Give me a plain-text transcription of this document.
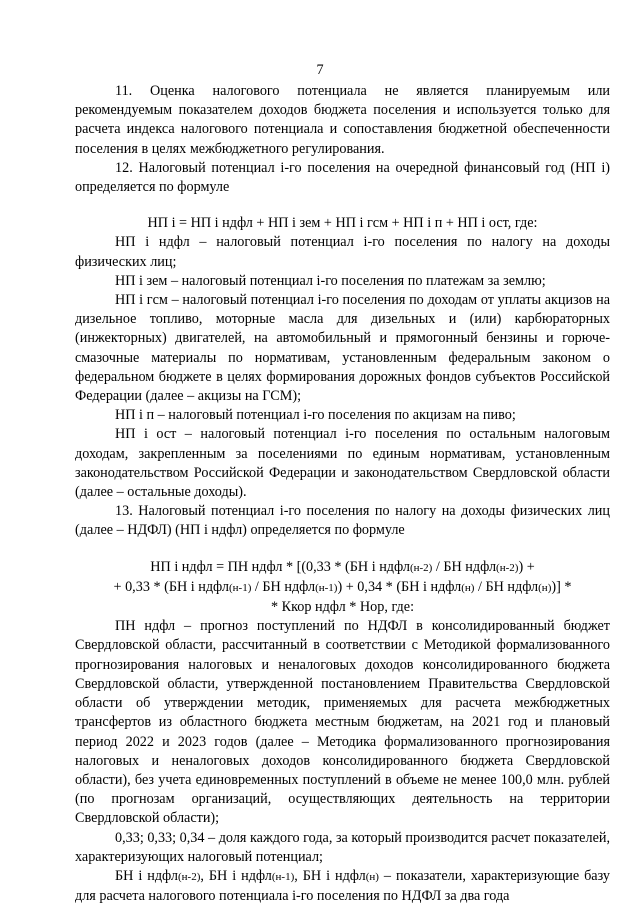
7

11. Оценка налогового потенциала не является планируемым или рекомендуемым показателем доходов бюджета поселения и используется только для расчета индекса налогового потенциала и сопоставления бюджетной обеспеченности поселения в целях межбюджетного регулирования.

12. Налоговый потенциал i-го поселения на очередной финансовый год (НП i) определяется по формуле

НП i = НП i ндфл + НП i зем + НП i гсм + НП i п + НП i ост, где:

НП i ндфл – налоговый потенциал i-го поселения по налогу на доходы физических лиц;

НП i зем – налоговый потенциал i-го поселения по платежам за землю;

НП i гсм – налоговый потенциал i-го поселения по доходам от уплаты акцизов на дизельное топливо, моторные масла для дизельных и (или) карбюраторных (инжекторных) двигателей, на автомобильный и прямогонный бензины и горюче-смазочные материалы по нормативам, установленным федеральным законом о федеральном бюджете в целях формирования дорожных фондов субъектов Российской Федерации (далее – акцизы на ГСМ);

НП i п – налоговый потенциал i-го поселения по акцизам на пиво;

НП i ост – налоговый потенциал i-го поселения по остальным налоговым доходам, закрепленным за поселениями по единым нормативам, установленным законодательством Российской Федерации и законодательством Свердловской области (далее – остальные доходы).

13. Налоговый потенциал i-го поселения по налогу на доходы физических лиц (далее – НДФЛ) (НП i ндфл) определяется по формуле

НП i ндфл = ПН ндфл * [(0,33 * (БН i ндфл(н-2) / БН ндфл(н-2)) +

+ 0,33 * (БН i ндфл(н-1) / БН ндфл(н-1)) + 0,34 * (БН i ндфл(н) / БН ндфл(н))] *

* Ккор ндфл * Нор, где:

ПН ндфл – прогноз поступлений по НДФЛ в консолидированный бюджет Свердловской области, рассчитанный в соответствии с Методикой формализованного прогнозирования налоговых и неналоговых доходов консолидированного бюджета Свердловской области, утвержденной постановлением Правительства Свердловской области об утверждении методик, применяемых для расчета межбюджетных трансфертов из областного бюджета местным бюджетам, на 2021 год и плановый период 2022 и 2023 годов (далее – Методика формализованного прогнозирования налоговых и неналоговых доходов консолидированного бюджета Свердловской области), без учета единовременных поступлений в объеме не менее 100,0 млн. рублей (по прогнозам организаций, осуществляющих деятельность на территории Свердловской области);

0,33; 0,33; 0,34 – доля каждого года, за который производится расчет показателей, характеризующих налоговый потенциал;

БН i ндфл(н-2), БН i ндфл(н-1), БН i ндфл(н) – показатели, характеризующие базу для расчета налогового потенциала i-го поселения по НДФЛ за два года
